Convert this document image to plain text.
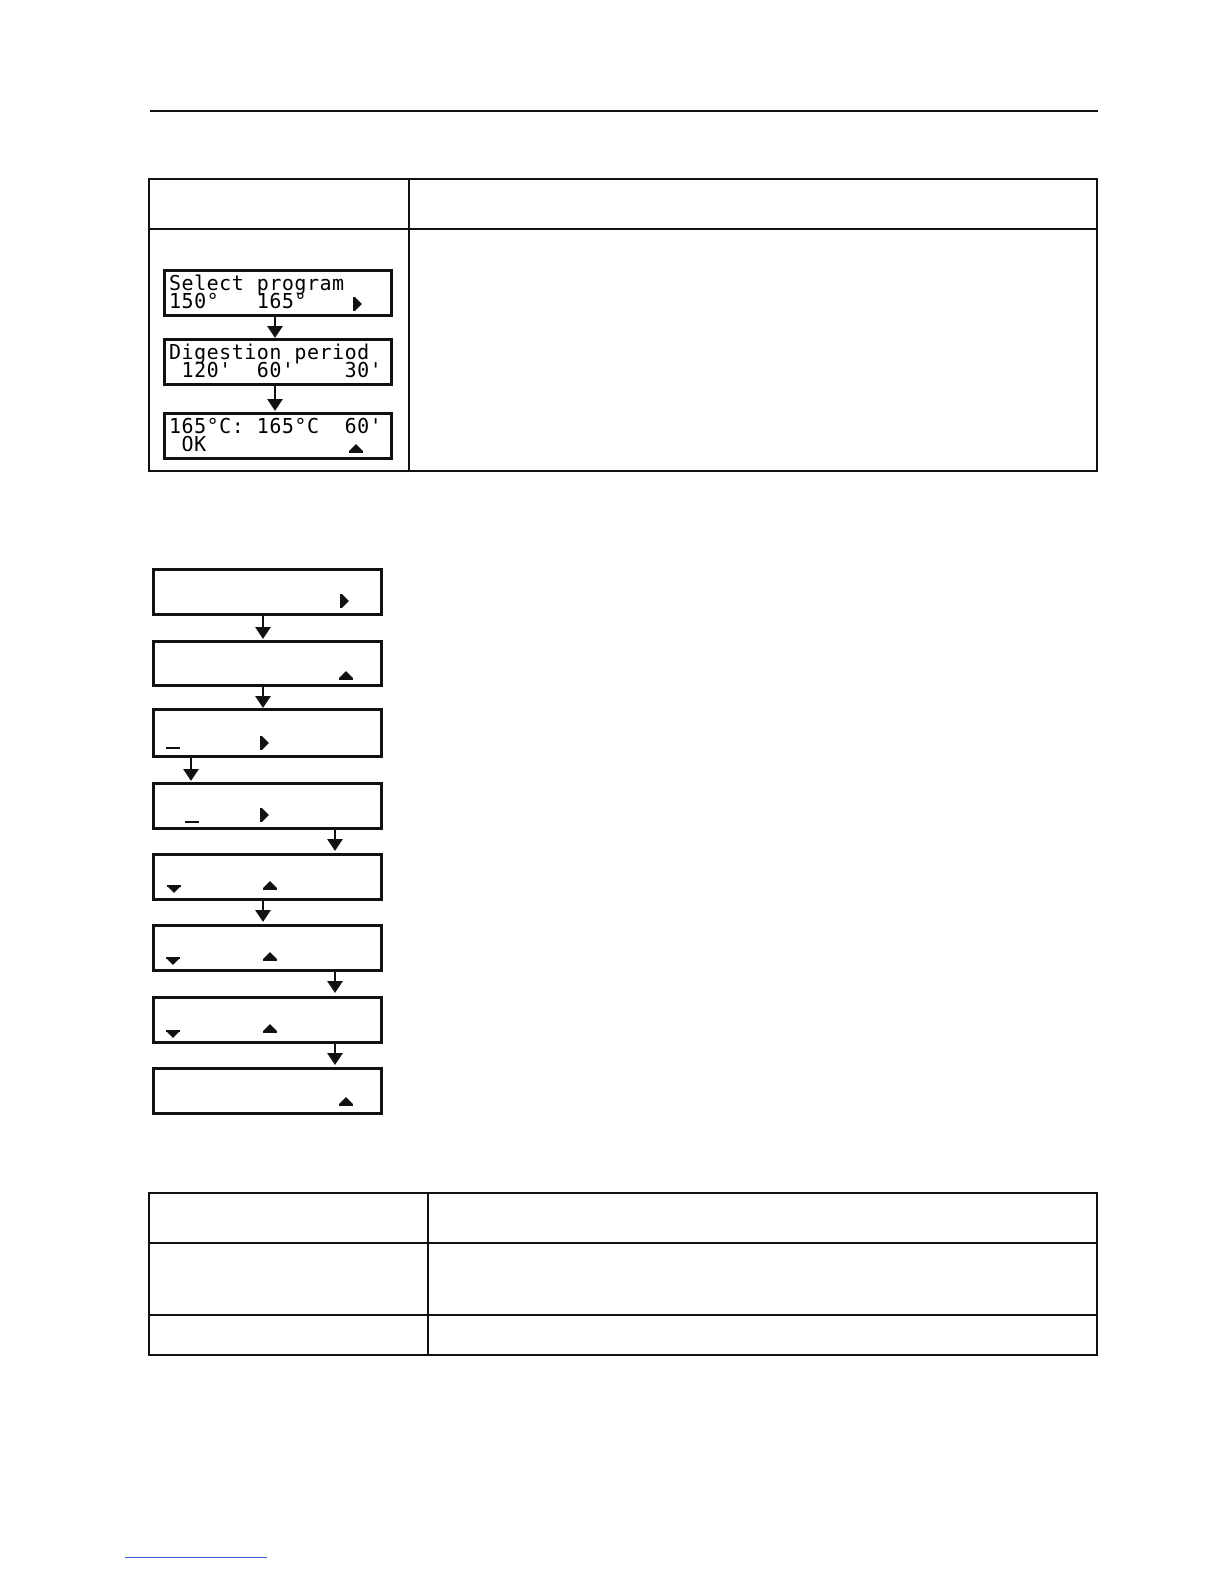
Select program
150°   165°
Digestion period
120'  60'    30'
165°C: 165°C  60'
OK
